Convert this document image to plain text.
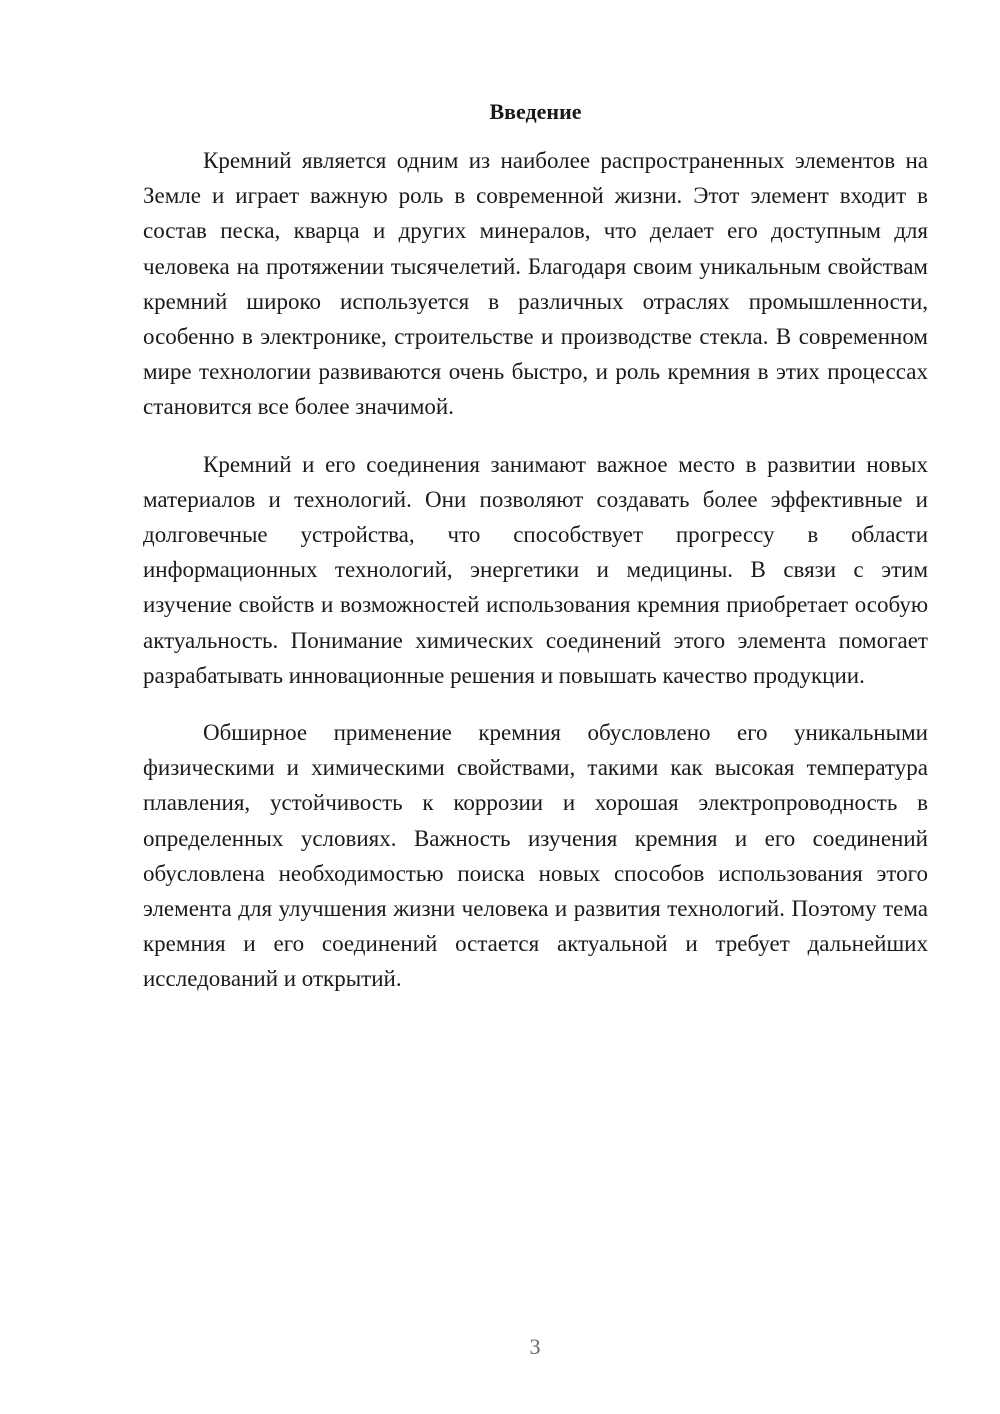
Введение

Кремний является одним из наиболее распространенных элементов на Земле и играет важную роль в современной жизни. Этот элемент входит в состав песка, кварца и других минералов, что делает его доступным для человека на протяжении тысячелетий. Благодаря своим уникальным свойствам кремний широко используется в различных отраслях промышленности, особенно в электронике, строительстве и производстве стекла. В современном мире технологии развиваются очень быстро, и роль кремния в этих процессах становится все более значимой.

Кремний и его соединения занимают важное место в развитии новых материалов и технологий. Они позволяют создавать более эффективные и долговечные устройства, что способствует прогрессу в области информационных технологий, энергетики и медицины. В связи с этим изучение свойств и возможностей использования кремния приобретает особую актуальность. Понимание химических соединений этого элемента помогает разрабатывать инновационные решения и повышать качество продукции.

Обширное применение кремния обусловлено его уникальными физическими и химическими свойствами, такими как высокая температура плавления, устойчивость к коррозии и хорошая электропроводность в определенных условиях. Важность изучения кремния и его соединений обусловлена необходимостью поиска новых способов использования этого элемента для улучшения жизни человека и развития технологий. Поэтому тема кремния и его соединений остается актуальной и требует дальнейших исследований и открытий.

3
